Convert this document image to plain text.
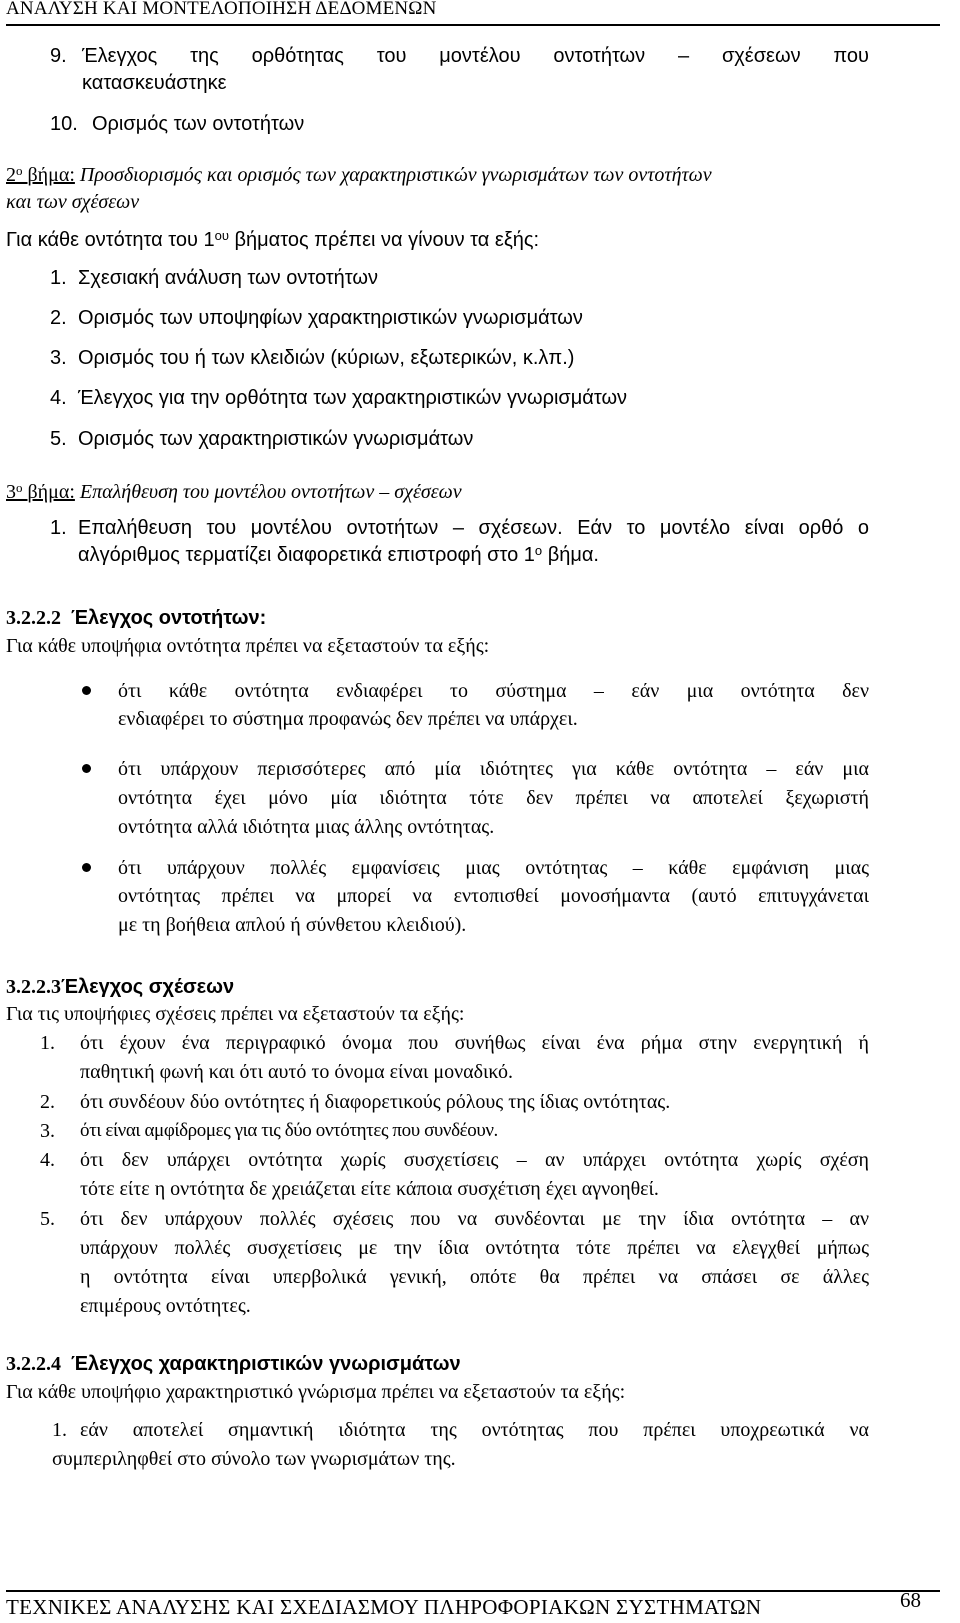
ΑΝΑΛΥΣΗ ΚΑΙ ΜΟΝΤΕΛΟΠΟΙΗΣΗ ΔΕΔΟΜΕΝΩΝ
9. Έλεγχος της ορθότητας του μοντέλου οντοτήτων – σχέσεων που
κατασκευάστηκε
10. Ορισμός των οντοτήτων
$2^o$ βήμα: Προσδιορισμός και ορισμός των χαρακτηριστικών γνωρισμάτων των οντοτήτων
και των σχέσεων
Για κάθε οντότητα του $1^{o\upsilon}$ βήματος πρέπει να γίνουν τα εξής:
1. Σχεσιακή ανάλυση των οντοτήτων
2. Ορισμός των υποψηφίων χαρακτηριστικών γνωρισμάτων
3. Ορισμός του ή των κλειδιών (κύριων, εξωτερικών, κ.λπ.)
4. Έλεγχος για την ορθότητα των χαρακτηριστικών γνωρισμάτων
5. Ορισμός των χαρακτηριστικών γνωρισμάτων
$3^o$ βήμα: Επαλήθευση του μοντέλου οντοτήτων – σχέσεων
1. Επαλήθευση του μοντέλου οντοτήτων – σχέσεων. Εάν το μοντέλο είναι ορθό ο
αλγόριθμος τερματίζει διαφορετικά επιστροφή στο $1^o$ βήμα.
3.2.2.2 Έλεγχος οντοτήτων:
Για κάθε υποψήφια οντότητα πρέπει να εξεταστούν τα εξής:
ότι κάθε οντότητα ενδιαφέρει το σύστημα – εάν μια οντότητα δεν
ενδιαφέρει το σύστημα προφανώς δεν πρέπει να υπάρχει.
ότι υπάρχουν περισσότερες από μία ιδιότητες για κάθε οντότητα – εάν μια
οντότητα έχει μόνο μία ιδιότητα τότε δεν πρέπει να αποτελεί ξεχωριστή
οντότητα αλλά ιδιότητα μιας άλλης οντότητας.
ότι υπάρχουν πολλές εμφανίσεις μιας οντότητας – κάθε εμφάνιση μιας
οντότητας πρέπει να μπορεί να εντοπισθεί μονοσήμαντα (αυτό επιτυγχάνεται
με τη βοήθεια απλού ή σύνθετου κλειδιού).
3.2.2.3Έλεγχος σχέσεων
Για τις υποψήφιες σχέσεις πρέπει να εξεταστούν τα εξής:
1. ότι έχουν ένα περιγραφικό όνομα που συνήθως είναι ένα ρήμα στην ενεργητική ή
παθητική φωνή και ότι αυτό το όνομα είναι μοναδικό.
2. ότι συνδέουν δύο οντότητες ή διαφορετικούς ρόλους της ίδιας οντότητας.
3. ότι είναι αμφίδρομες για τις δύο οντότητες που συνδέουν.
4. ότι δεν υπάρχει οντότητα χωρίς συσχετίσεις – αν υπάρχει οντότητα χωρίς σχέση
τότε είτε η οντότητα δε χρειάζεται είτε κάποια συσχέτιση έχει αγνοηθεί.
5. ότι δεν υπάρχουν πολλές σχέσεις που να συνδέονται με την ίδια οντότητα – αν
υπάρχουν πολλές συσχετίσεις με την ίδια οντότητα τότε πρέπει να ελεγχθεί μήπως
η οντότητα είναι υπερβολικά γενική, οπότε θα πρέπει να σπάσει σε άλλες
επιμέρους οντότητες.
3.2.2.4 Έλεγχος χαρακτηριστικών γνωρισμάτων
Για κάθε υποψήφιο χαρακτηριστικό γνώρισμα πρέπει να εξεταστούν τα εξής:
1. εάν αποτελεί σημαντική ιδιότητα της οντότητας που πρέπει υποχρεωτικά να
συμπεριληφθεί στο σύνολο των γνωρισμάτων της.
ΤΕΧΝΙΚΕΣ ΑΝΑΛΥΣΗΣ ΚΑΙ ΣΧΕΔΙΑΣΜΟΥ ΠΛΗΡΟΦΟΡΙΑΚΩΝ ΣΥΣΤΗΜΑΤΩΝ	68
